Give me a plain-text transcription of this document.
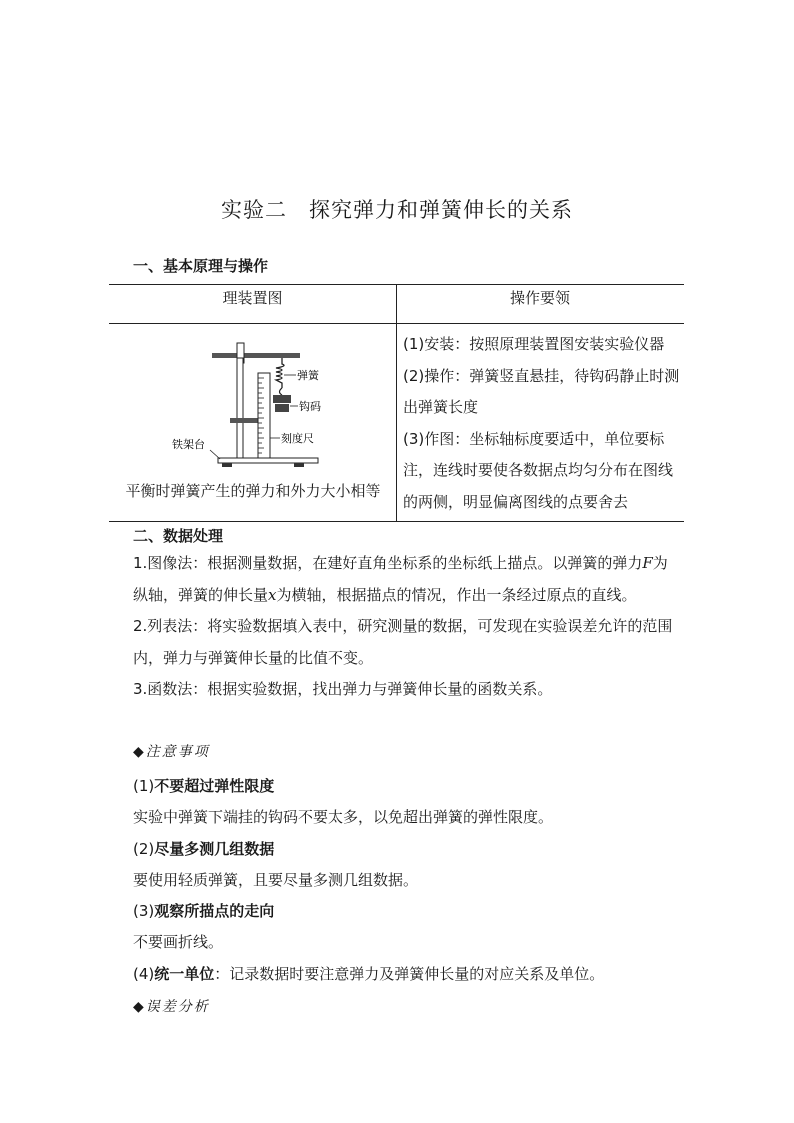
实验二 探究弹力和弹簧伸长的关系
一、基本原理与操作
理装置图	操作要领
弹簧
钩码
刻度尺
铁架台
平衡时弹簧产生的弹力和外力大小相等

(1)安装：按照原理装置图安装实验仪器

(2)操作：弹簧竖直悬挂，待钩码静止时测出弹簧长度

(3)作图：坐标轴标度要适中，单位要标注，连线时要使各数据点均匀分布在图线的两侧，明显偏离图线的点要舍去

二、数据处理

1.图像法：根据测量数据，在建好直角坐标系的坐标纸上描点。以弹簧的弹力F为纵轴，弹簧的伸长量x为横轴，根据描点的情况，作出一条经过原点的直线。

2.列表法：将实验数据填入表中，研究测量的数据，可发现在实验误差允许的范围内，弹力与弹簧伸长量的比值不变。

3.函数法：根据实验数据，找出弹力与弹簧伸长量的函数关系。

◆注意事项
(1)不要超过弹性限度
实验中弹簧下端挂的钩码不要太多，以免超出弹簧的弹性限度。
(2)尽量多测几组数据
要使用轻质弹簧，且要尽量多测几组数据。
(3)观察所描点的走向
不要画折线。
(4)统一单位：记录数据时要注意弹力及弹簧伸长量的对应关系及单位。
◆误差分析
